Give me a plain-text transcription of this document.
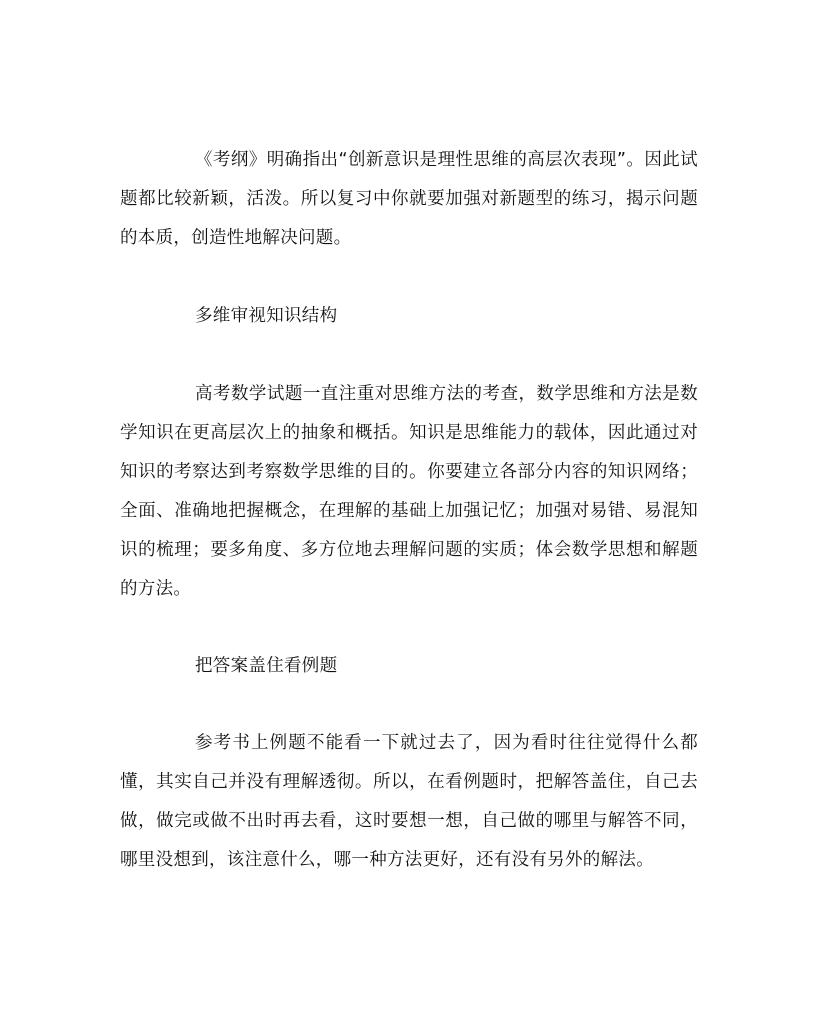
《考纲》明确指出“创新意识是理性思维的高层次表现”。因此试题都比较新颖，活泼。所以复习中你就要加强对新题型的练习，揭示问题的本质，创造性地解决问题。

多维审视知识结构

高考数学试题一直注重对思维方法的考查，数学思维和方法是数学知识在更高层次上的抽象和概括。知识是思维能力的载体，因此通过对知识的考察达到考察数学思维的目的。你要建立各部分内容的知识网络；全面、准确地把握概念，在理解的基础上加强记忆；加强对易错、易混知识的梳理；要多角度、多方位地去理解问题的实质；体会数学思想和解题的方法。

把答案盖住看例题

参考书上例题不能看一下就过去了，因为看时往往觉得什么都懂，其实自己并没有理解透彻。所以，在看例题时，把解答盖住，自己去做，做完或做不出时再去看，这时要想一想，自己做的哪里与解答不同，哪里没想到，该注意什么，哪一种方法更好，还有没有另外的解法。
